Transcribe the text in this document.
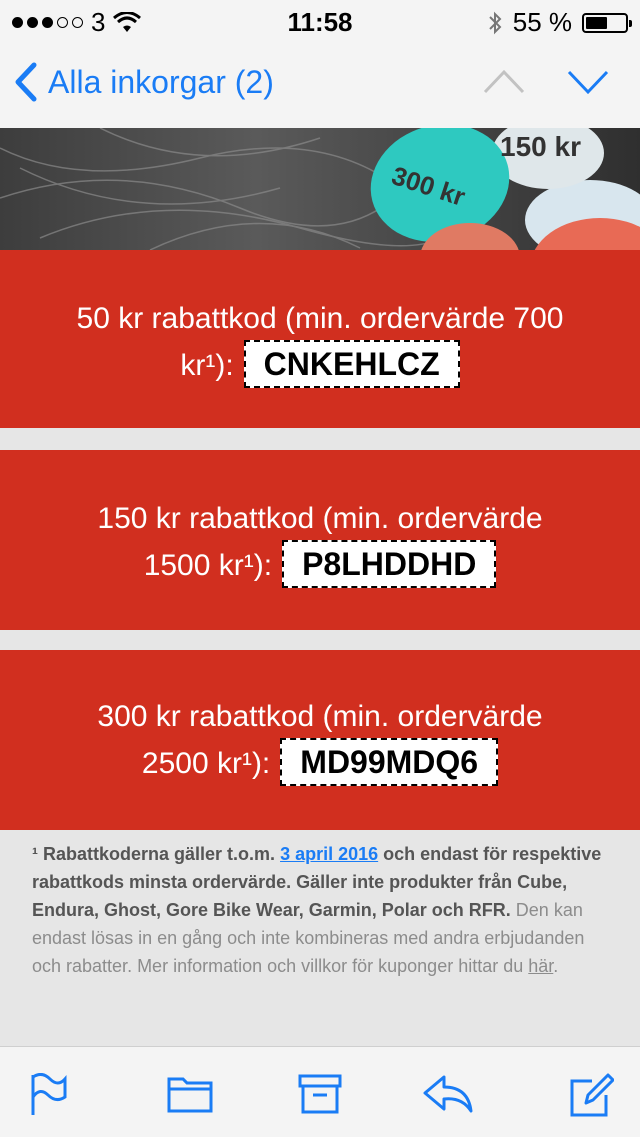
3	11:58	55 %
Alla inkorgar (2)
150 kr
300 kr

50 kr rabattkod (min. ordervärde 700

kr¹): CNKEHLCZ

150 kr rabattkod (min. ordervärde

1500 kr¹): P8LHDDHD

300 kr rabattkod (min. ordervärde

2500 kr¹): MD99MDQ6

¹ Rabattkoderna gäller t.o.m. 3 april 2016 och endast för respektive rabattkods minsta ordervärde. Gäller inte produkter från Cube, Endura, Ghost, Gore Bike Wear, Garmin, Polar och RFR. Den kan endast lösas in en gång och inte kombineras med andra erbjudanden och rabatter. Mer information och villkor för kuponger hittar du här.
